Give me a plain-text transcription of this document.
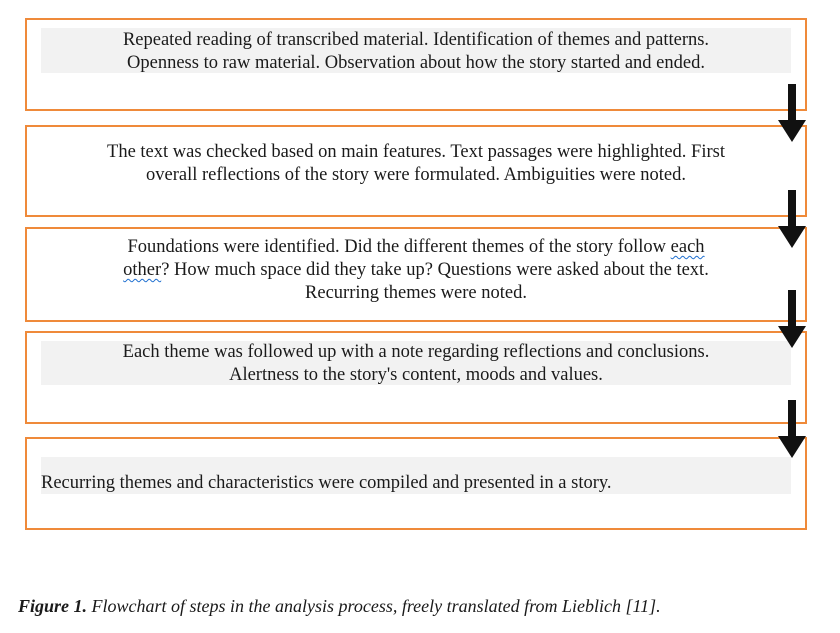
Repeated reading of transcribed material. Identification of themes and patterns.
Openness to raw material. Observation about how the story started and ended.
The text was checked based on main features. Text passages were highlighted. First
overall reflections of the story were formulated. Ambiguities were noted.
Foundations were identified. Did the different themes of the story follow each
other? How much space did they take up? Questions were asked about the text.
Recurring themes were noted.
Each theme was followed up with a note regarding reflections and conclusions.
Alertness to the story's content, moods and values.
Recurring themes and characteristics were compiled and presented in a story.
Figure 1. Flowchart of steps in the analysis process, freely translated from Lieblich [11].
